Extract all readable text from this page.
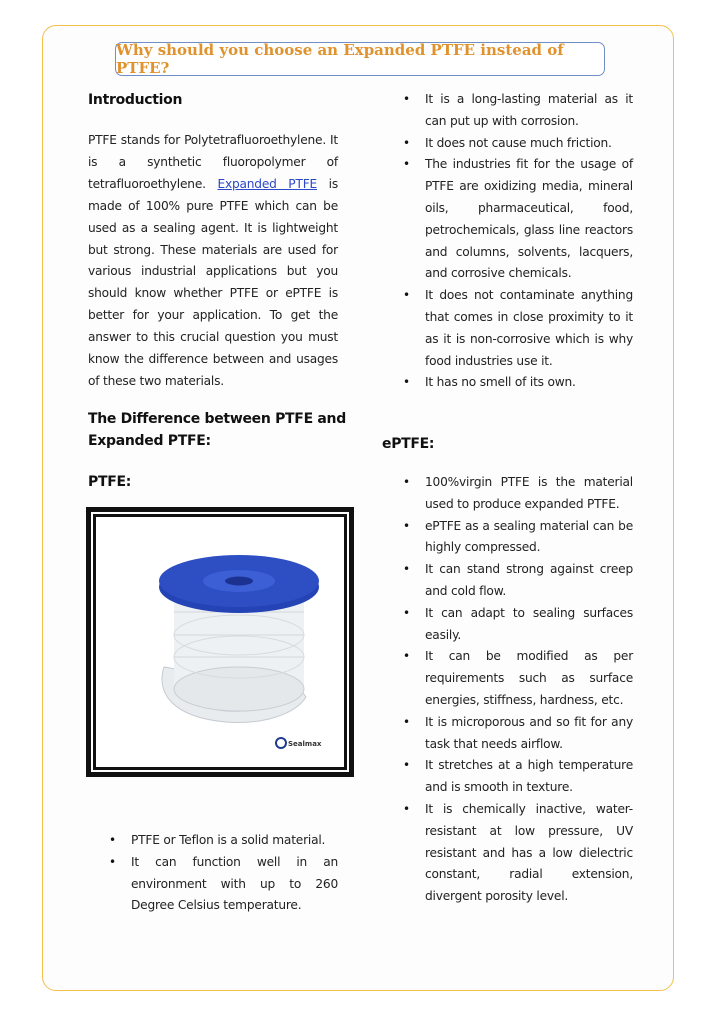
Why should you choose an Expanded PTFE instead of PTFE?
Introduction
PTFE stands for Polytetrafluoroethylene. It is a synthetic fluoropolymer of tetrafluoroethylene. Expanded PTFE is made of 100% pure PTFE which can be used as a sealing agent. It is lightweight but strong. These materials are used for various industrial applications but you should know whether PTFE or ePTFE is better for your application. To get the answer to this crucial question you must know the difference between and usages of these two materials.
The Difference between PTFE and
Expanded PTFE:
PTFE:
Sealmax
• PTFE or Teflon is a solid material.
• It can function well in an environment with up to 260 Degree Celsius temperature.
• It is a long-lasting material as it can put up with corrosion.
• It does not cause much friction.
• The industries fit for the usage of PTFE are oxidizing media, mineral oils, pharmaceutical, food, petrochemicals, glass line reactors and columns, solvents, lacquers, and corrosive chemicals.
• It does not contaminate anything that comes in close proximity to it as it is non-corrosive which is why food industries use it.
• It has no smell of its own.
ePTFE:
• 100%virgin PTFE is the material used to produce expanded PTFE.
• ePTFE as a sealing material can be highly compressed.
• It can stand strong against creep and cold flow.
• It can adapt to sealing surfaces easily.
• It can be modified as per requirements such as surface energies, stiffness, hardness, etc.
• It is microporous and so fit for any task that needs airflow.
• It stretches at a high temperature and is smooth in texture.
• It is chemically inactive, water-resistant at low pressure, UV resistant and has a low dielectric constant, radial extension, divergent porosity level.
